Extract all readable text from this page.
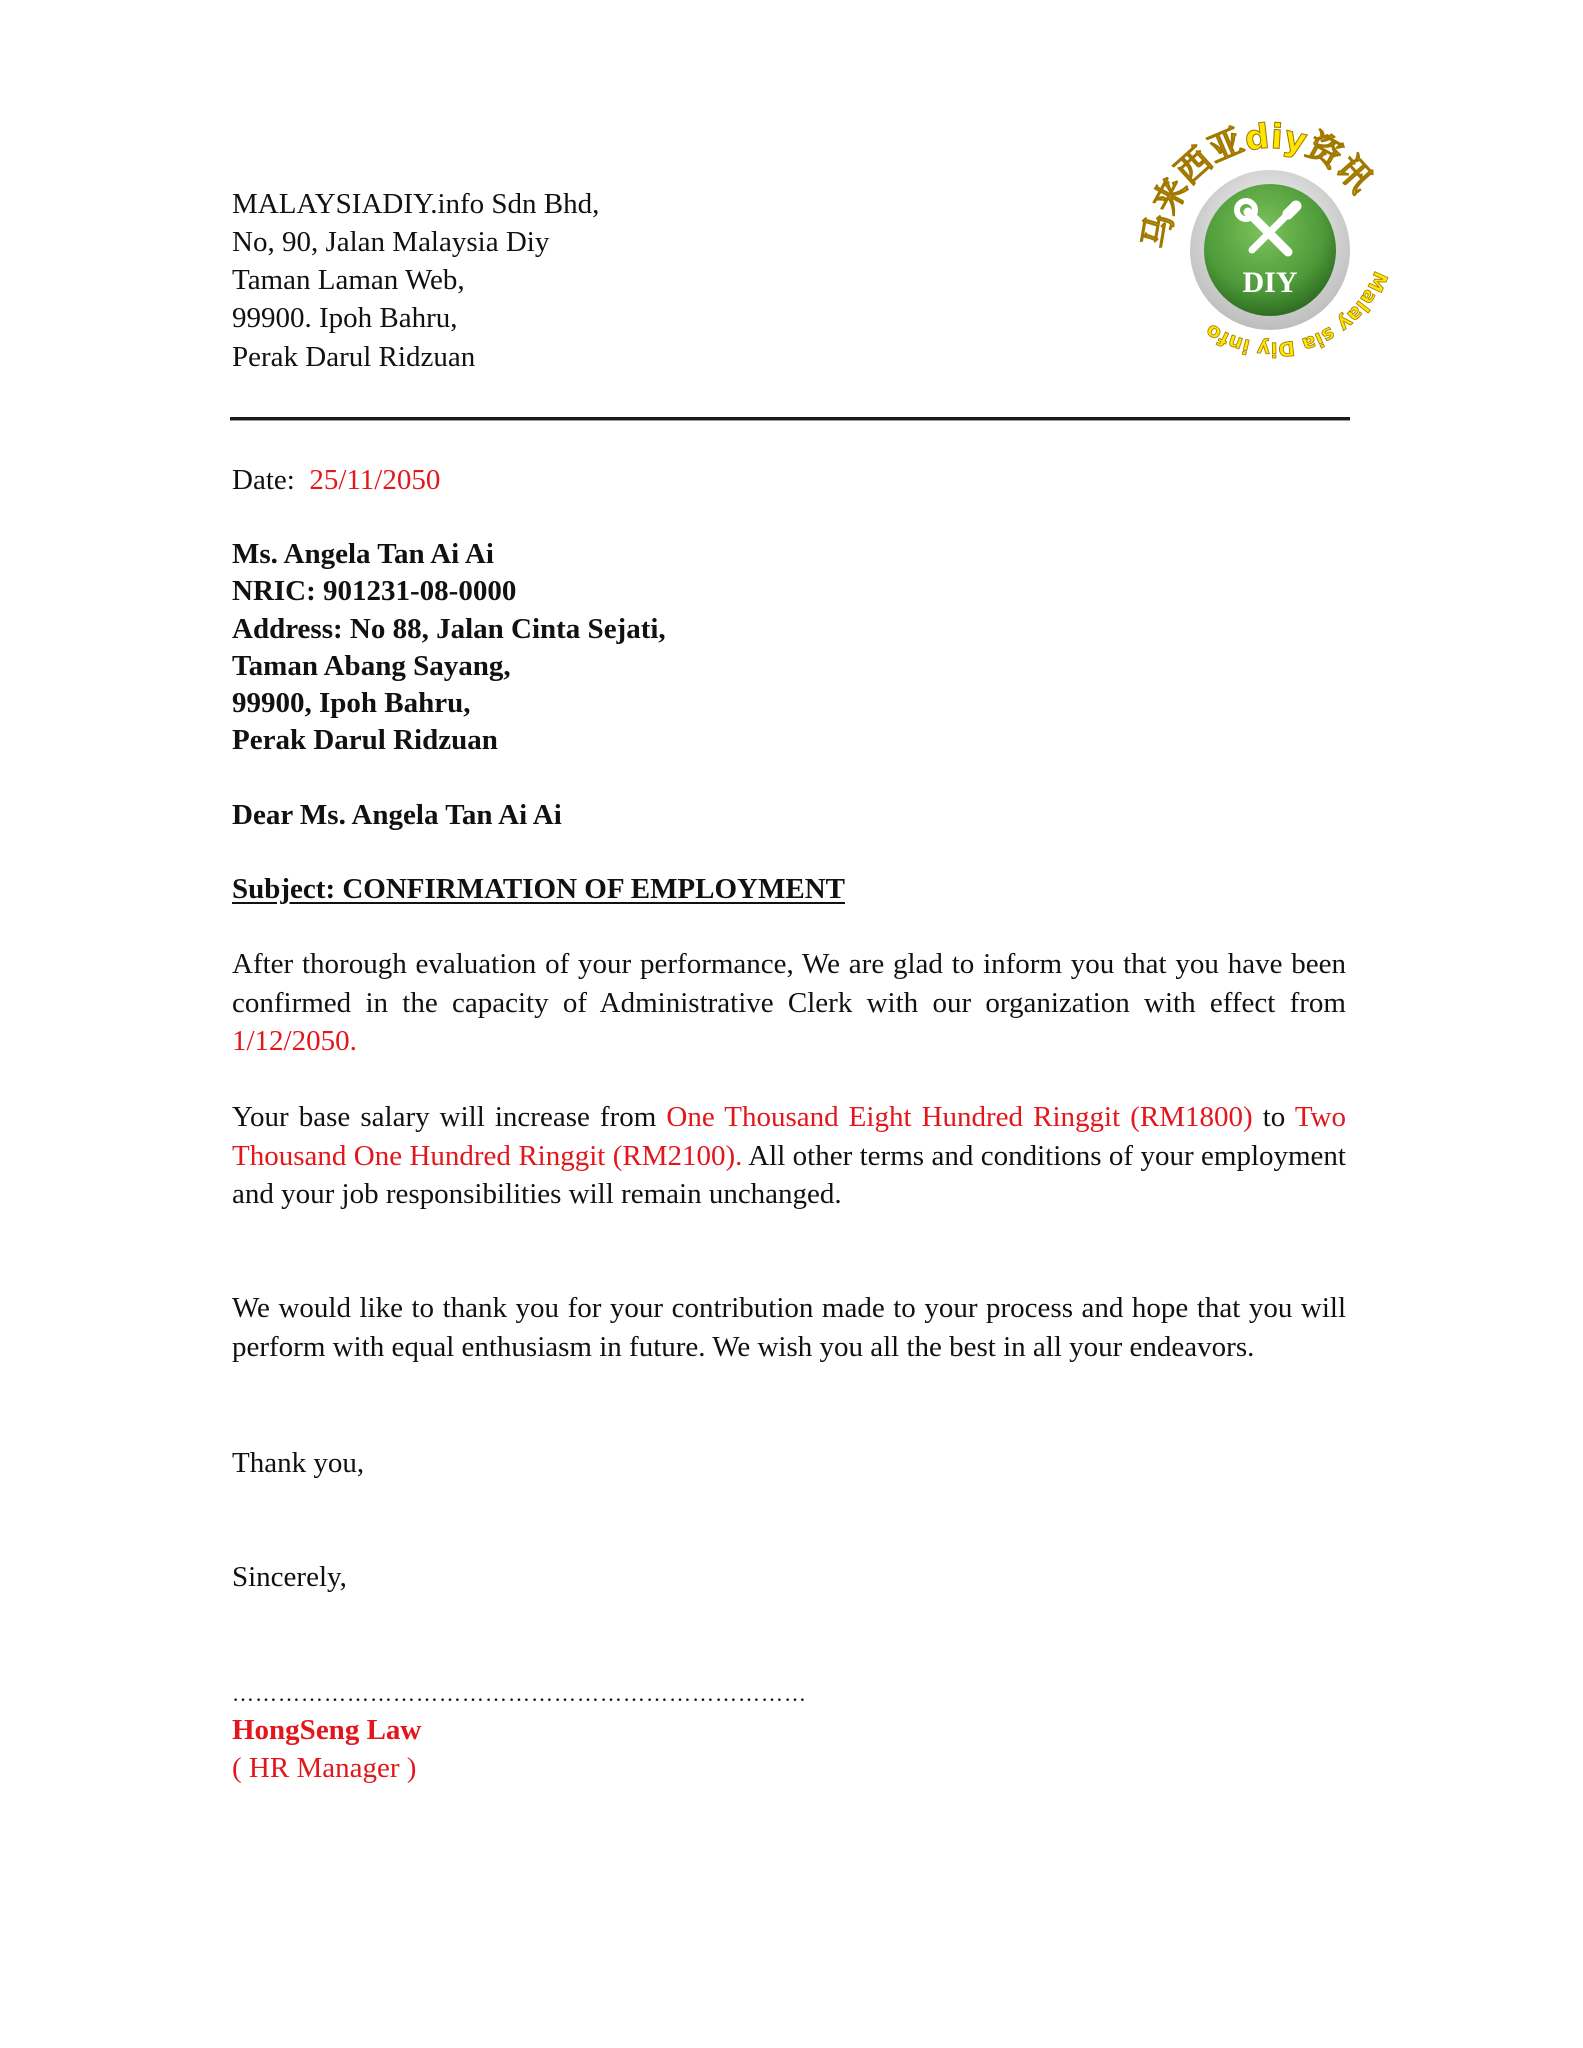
MALAYSIADIY.info Sdn Bhd,
No, 90, Jalan Malaysia Diy
Taman Laman Web,
99900. Ipoh Bahru,
Perak Darul Ridzuan
DIY
马来西亚diy资讯
Malay sia Diy info
Date: 25/11/2050
Ms. Angela Tan Ai Ai
NRIC: 901231-08-0000
Address: No 88, Jalan Cinta Sejati,
Taman Abang Sayang,
99900, Ipoh Bahru,
Perak Darul Ridzuan
Dear Ms. Angela Tan Ai Ai
Subject: CONFIRMATION OF EMPLOYMENT
After thorough evaluation of your performance, We are glad to inform you that you have been confirmed in the capacity of Administrative Clerk with our organization with effect from 1/12/2050.
Your base salary will increase from One Thousand Eight Hundred Ringgit (RM1800) to Two Thousand One Hundred Ringgit (RM2100). All other terms and conditions of your employment and your job responsibilities will remain unchanged.
We would like to thank you for your contribution made to your process and hope that you will perform with equal enthusiasm in future. We wish you all the best in all your endeavors.
Thank you,
Sincerely,
…………………………………………………………………
HongSeng Law
( HR Manager )
